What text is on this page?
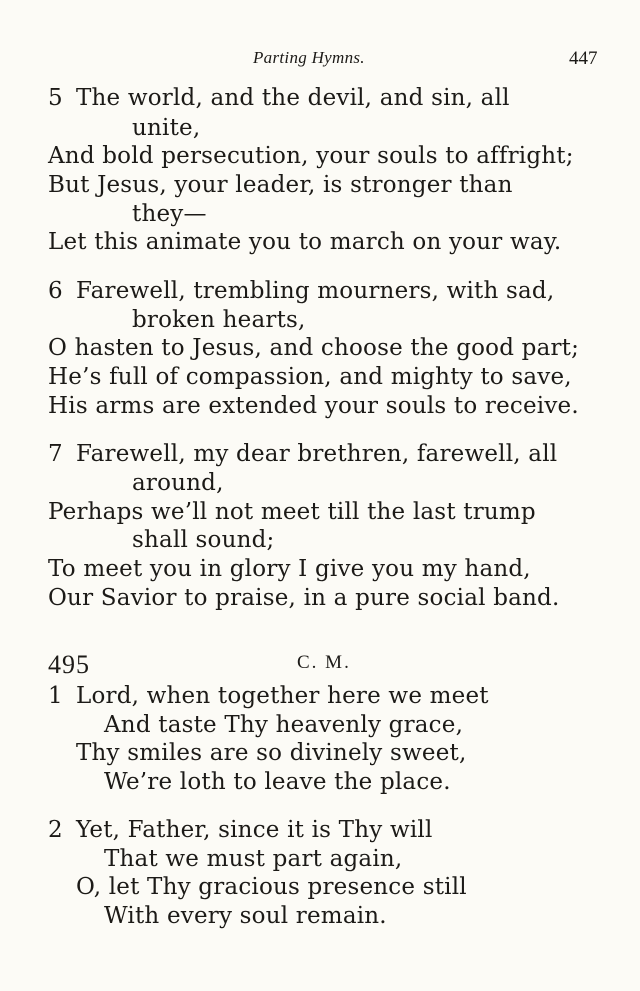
Parting Hymns.	447
5 The world, and the devil, and sin, all
unite,
And bold persecution, your souls to affright;
But Jesus, your leader, is stronger than
they—
Let this animate you to march on your way.
6 Farewell, trembling mourners, with sad,
broken hearts,
O hasten to Jesus, and choose the good part;
He’s full of compassion, and mighty to save,
His arms are extended your souls to receive.
7 Farewell, my dear brethren, farewell, all
around,
Perhaps we’ll not meet till the last trump
shall sound;
To meet you in glory I give you my hand,
Our Savior to praise, in a pure social band.
495	C. M.
1 Lord, when together here we meet
And taste Thy heavenly grace,
Thy smiles are so divinely sweet,
We’re loth to leave the place.
2 Yet, Father, since it is Thy will
That we must part again,
O, let Thy gracious presence still
With every soul remain.
